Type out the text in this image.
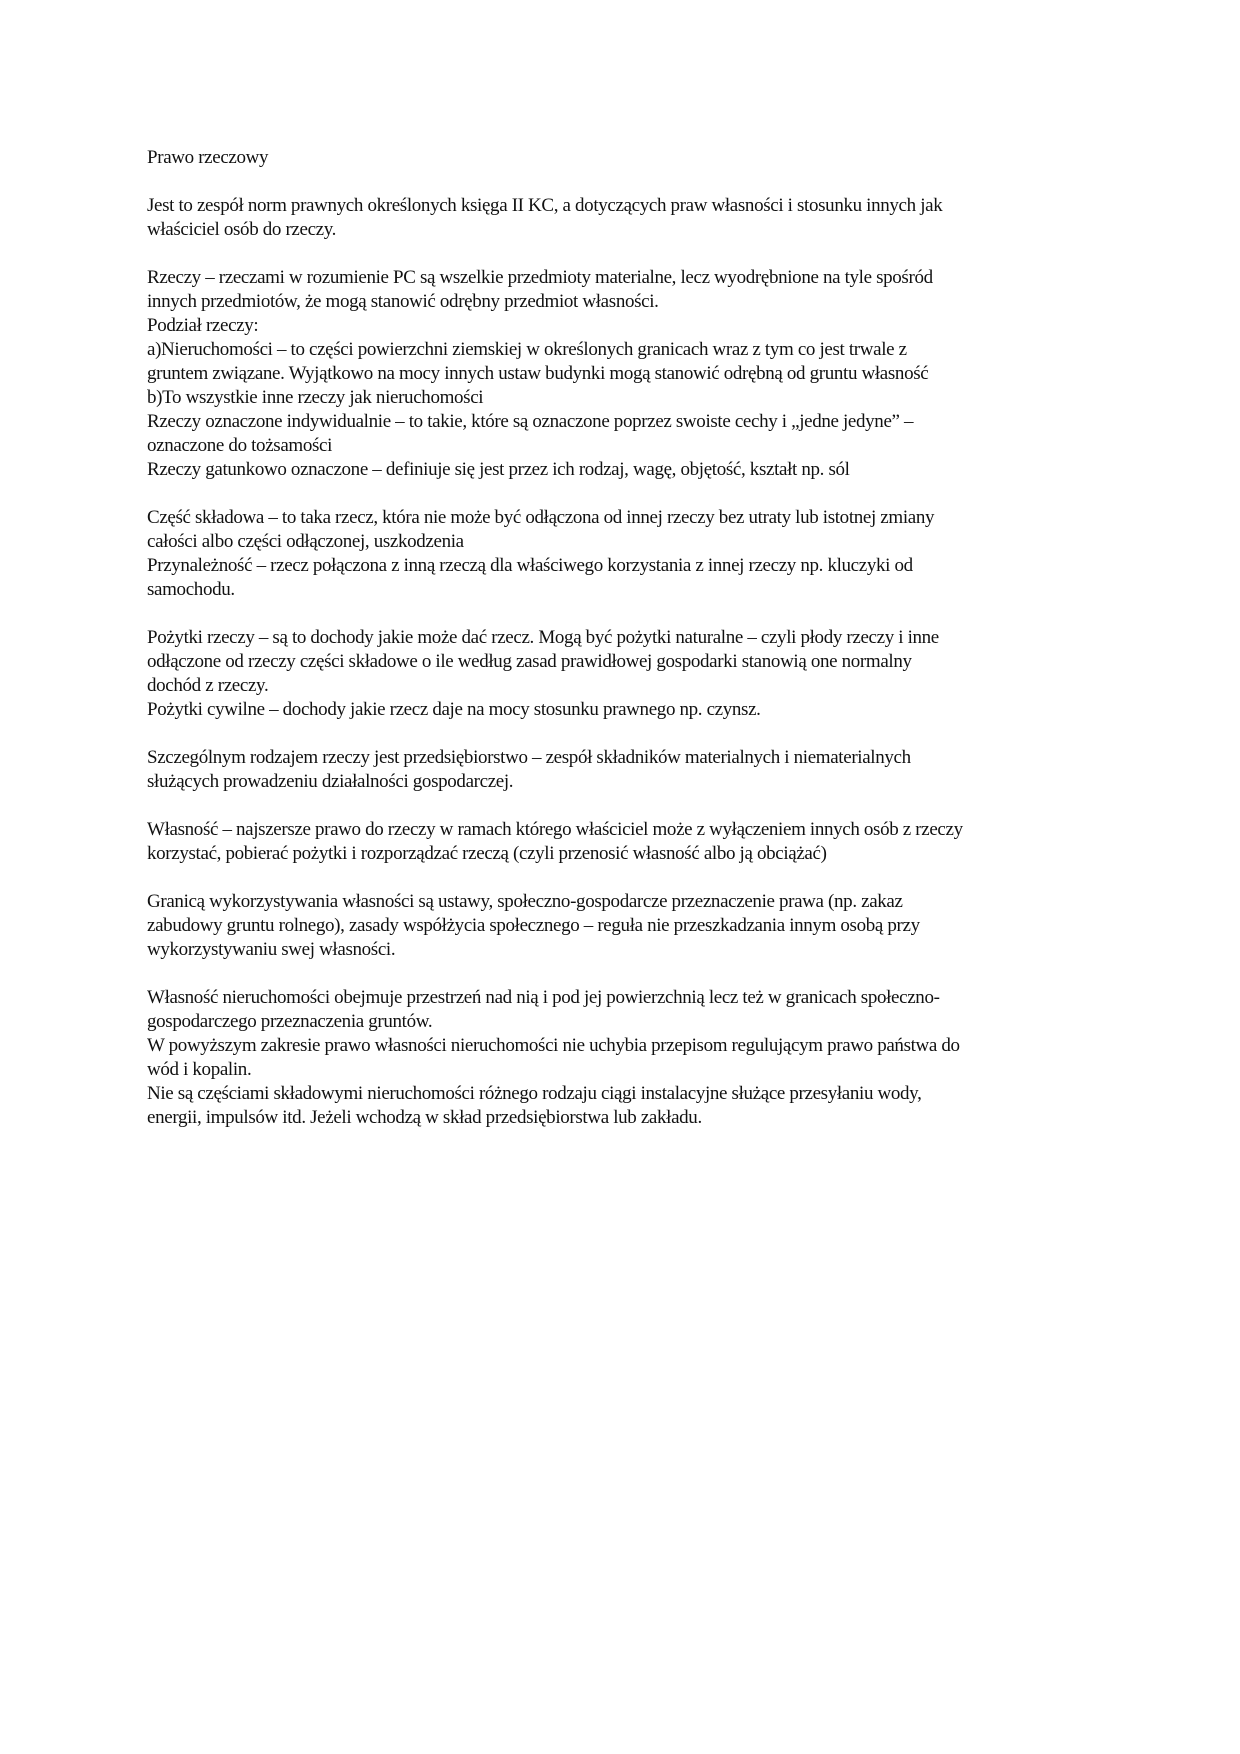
Prawo rzeczowy
Jest to zespół norm prawnych określonych księga II KC, a dotyczących praw własności i stosunku innych jak
właściciel osób do rzeczy.
Rzeczy – rzeczami w rozumienie PC są wszelkie przedmioty materialne, lecz wyodrębnione na tyle spośród
innych przedmiotów, że mogą stanowić odrębny przedmiot własności.
Podział rzeczy:
a)Nieruchomości – to części powierzchni ziemskiej w określonych granicach wraz z tym co jest trwale z
gruntem związane. Wyjątkowo na mocy innych ustaw budynki mogą stanowić odrębną od gruntu własność
b)To wszystkie inne rzeczy jak nieruchomości
Rzeczy oznaczone indywidualnie – to takie, które są oznaczone poprzez swoiste cechy i „jedne jedyne” –
oznaczone do tożsamości
Rzeczy gatunkowo oznaczone – definiuje się jest przez ich rodzaj, wagę, objętość, kształt np. sól
Część składowa – to taka rzecz, która nie może być odłączona od innej rzeczy bez utraty lub istotnej zmiany
całości albo części odłączonej, uszkodzenia
Przynależność – rzecz połączona z inną rzeczą dla właściwego korzystania z innej rzeczy np. kluczyki od
samochodu.
Pożytki rzeczy – są to dochody jakie może dać rzecz. Mogą być pożytki naturalne – czyli płody rzeczy i inne
odłączone od rzeczy części składowe o ile według zasad prawidłowej gospodarki stanowią one normalny
dochód z rzeczy.
Pożytki cywilne – dochody jakie rzecz daje na mocy stosunku prawnego np. czynsz.
Szczególnym rodzajem rzeczy jest przedsiębiorstwo – zespół składników materialnych i niematerialnych
służących prowadzeniu działalności gospodarczej.
Własność – najszersze prawo do rzeczy w ramach którego właściciel może z wyłączeniem innych osób z rzeczy
korzystać, pobierać pożytki i rozporządzać rzeczą (czyli przenosić własność albo ją obciążać)
Granicą wykorzystywania własności są ustawy, społeczno-gospodarcze przeznaczenie prawa (np. zakaz
zabudowy gruntu rolnego), zasady współżycia społecznego – reguła nie przeszkadzania innym osobą przy
wykorzystywaniu swej własności.
Własność nieruchomości obejmuje przestrzeń nad nią i pod jej powierzchnią lecz też w granicach społeczno-
gospodarczego przeznaczenia gruntów.
W powyższym zakresie prawo własności nieruchomości nie uchybia przepisom regulującym prawo państwa do
wód i kopalin.
Nie są częściami składowymi nieruchomości różnego rodzaju ciągi instalacyjne służące przesyłaniu wody,
energii, impulsów itd. Jeżeli wchodzą w skład przedsiębiorstwa lub zakładu.
